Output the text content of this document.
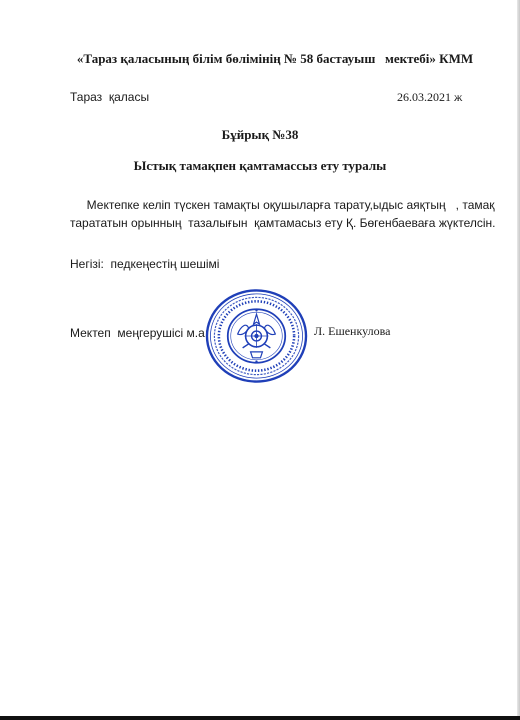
«Тараз қаласының білім бөлімінің № 58 бастауыш   мектебі» КММ
Тараз  қаласы	26.03.2021 ж
Бұйрық №38
Ыстық тамақпен қамтамассыз ету туралы
Мектепке келіп түскен тамақты оқушыларға тарату,ыдыс аяқтың   , тамақ
тарататын орынның  тазалығын  қамтамасыз ету Қ. Бөгенбаеваға жүктелсін.
Негізі:  педкеңестің шешімі
Мектеп  меңгерушісі м.а:	Л. Ешенкулова
